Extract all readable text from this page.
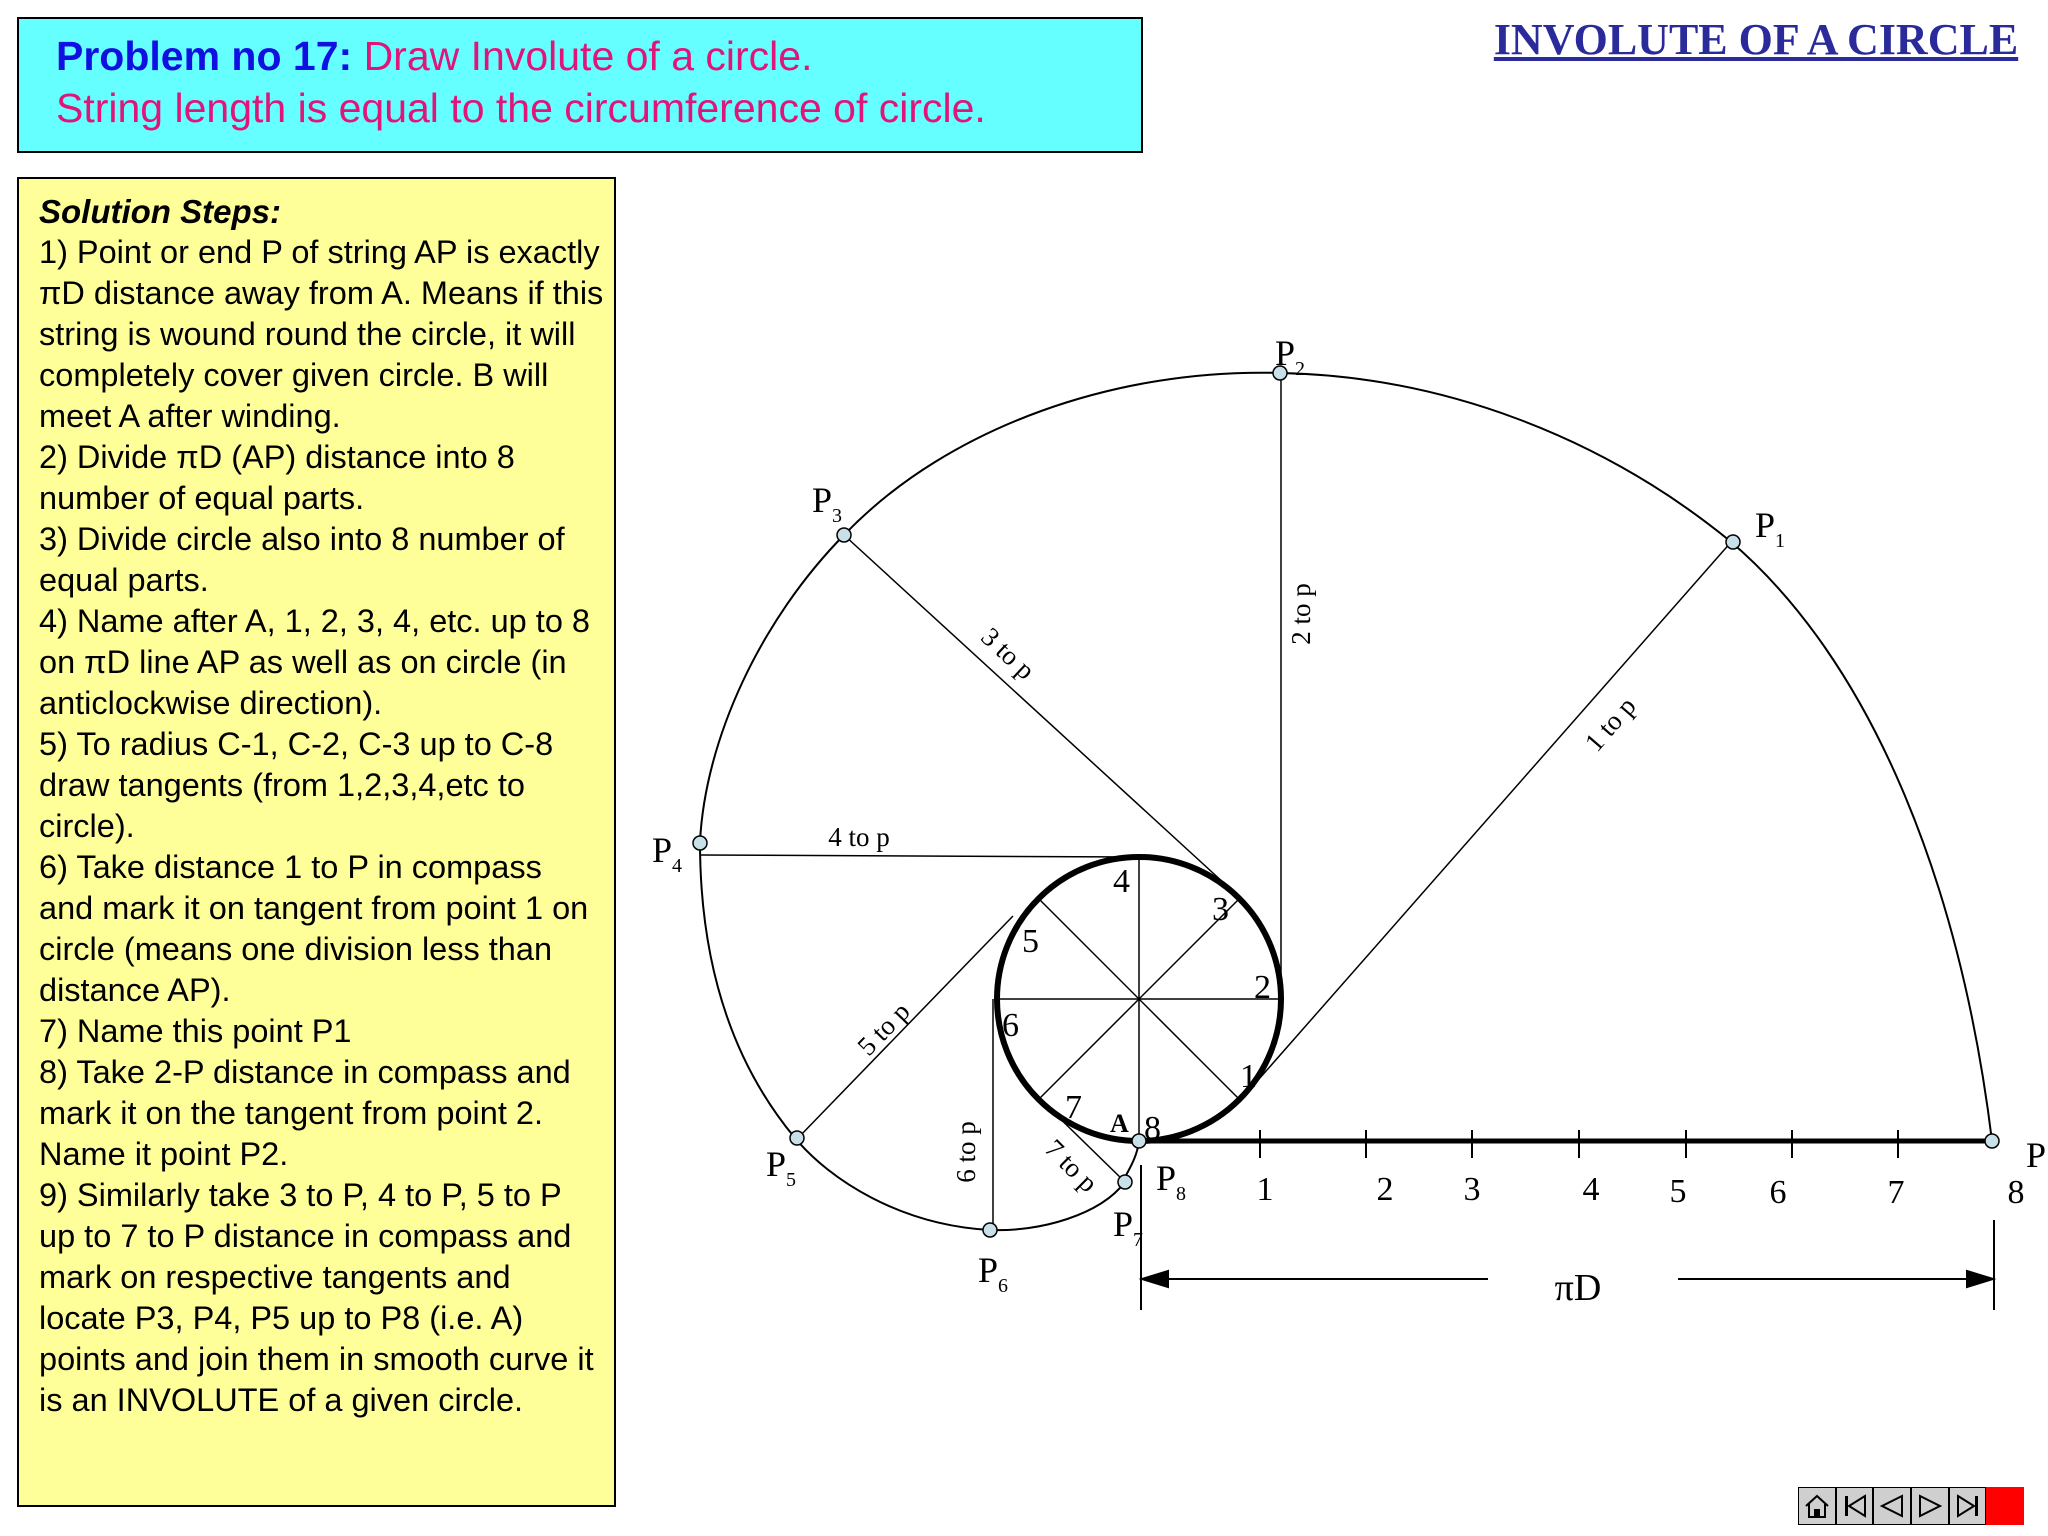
Problem no 17: Draw Involute of a circle.
String length is equal to the circumference of circle.
INVOLUTE OF A CIRCLE
Solution Steps:
1) Point or end P of string AP is exactly πD distance away from A. Means if this string is wound round the circle, it will completely cover given circle. B will meet A after winding.
2) Divide πD (AP) distance into 8 number of equal parts.
3) Divide circle also into 8 number of equal parts.
4) Name after A, 1, 2, 3, 4, etc. up to 8 on πD line AP as well as on circle (in anticlockwise direction).
5) To radius C-1, C-2, C-3 up to C-8 draw tangents (from 1,2,3,4,etc to circle).
6) Take distance 1 to P in compass and mark it on tangent from point 1 on circle (means one division less than distance AP).
7) Name this point P1
8) Take 2-P distance in compass and mark it on the tangent from point 2. Name it point P2.
9) Similarly take 3 to P, 4 to P, 5 to P up to 7 to P distance in compass and mark on respective tangents and locate P3, P4, P5 up to P8 (i.e. A) points and join them in smooth curve it is an INVOLUTE of a given circle.
πD
1
2
3
4
5
6
7
8
A
1	2 3	4 5 6	7	8
P
$P_1$
$P_2$
$P_3$
$P_4$
$P_5$
$P_6$
$P_7$
$P_8$
1 to p
2 to p
3 to p
4 to p
5 to p
6 to p 7 to p
